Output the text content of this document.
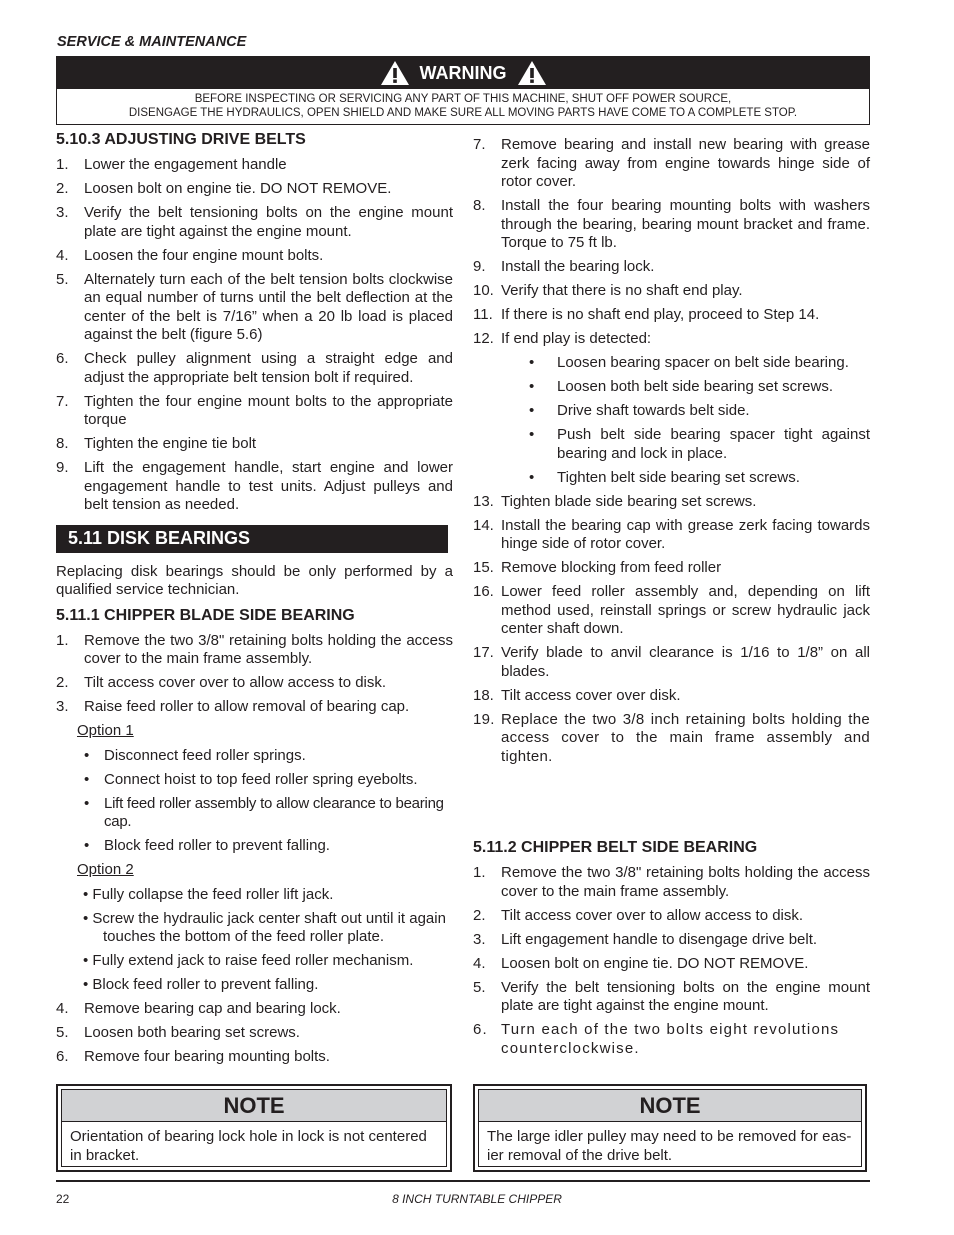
SERVICE & MAINTENANCE
WARNING
BEFORE INSPECTING OR SERVICING ANY PART OF THIS MACHINE, SHUT OFF POWER SOURCE,
DISENGAGE THE HYDRAULICS, OPEN SHIELD AND MAKE SURE ALL MOVING PARTS HAVE COME TO A COMPLETE STOP.
5.10.3 ADJUSTING DRIVE BELTS
1. Lower the engagement handle
2. Loosen bolt on engine tie. DO NOT REMOVE.
3. Verify the belt tensioning bolts on the engine mount plate are tight against the engine mount.
4. Loosen the four engine mount bolts.
5. Alternately turn each of the belt tension bolts clockwise an equal number of turns until the belt deflection at the center of the belt is 7/16” when a 20 lb load is placed against the belt (figure 5.6)
6. Check pulley alignment using a straight edge and adjust the appropriate belt tension bolt if required.
7. Tighten the four engine mount bolts to the appropriate torque
8. Tighten the engine tie bolt
9. Lift the engagement handle, start engine and lower engagement handle to test units. Adjust pulleys and belt tension as needed.
5.11 DISK BEARINGS

Replacing disk bearings should be only performed by a qualified service technician.

5.11.1 CHIPPER BLADE SIDE BEARING
1. Remove the two 3/8" retaining bolts holding the access cover to the main frame assembly.
2. Tilt access cover over to allow access to disk.
3. Raise feed roller to allow removal of bearing cap.
Option 1
• Disconnect feed roller springs.
• Connect hoist to top feed roller spring eyebolts.
• Lift feed roller assembly to allow clearance to bearing cap.
• Block feed roller to prevent falling.
Option 2
• Fully collapse the feed roller lift jack.
• Screw the hydraulic jack center shaft out until it again touches the bottom of the feed roller plate.
• Fully extend jack to raise feed roller mechanism.
• Block feed roller to prevent falling.
4. Remove bearing cap and bearing lock.
5. Loosen both bearing set screws.
6. Remove four bearing mounting bolts.
7. Remove bearing and install new bearing with grease zerk facing away from engine towards hinge side of rotor cover.
8. Install the four bearing mounting bolts with washers through the bearing, bearing mount bracket and frame. Torque to 75 ft lb.
9. Install the bearing lock.
10. Verify that there is no shaft end play.
11. If there is no shaft end play, proceed to Step 14.
12. If end play is detected:
• Loosen bearing spacer on belt side bearing.
• Loosen both belt side bearing set screws.
• Drive shaft towards belt side.
• Push belt side bearing spacer tight against bearing and lock in place.
• Tighten belt side bearing set screws.
13. Tighten blade side bearing set screws.
14. Install the bearing cap with grease zerk facing towards hinge side of rotor cover.
15. Remove blocking from feed roller
16. Lower feed roller assembly and, depending on lift method used, reinstall springs or screw hydraulic jack center shaft down.
17. Verify blade to anvil clearance is 1/16 to 1/8” on all blades.
18. Tilt access cover over disk.
19. Replace the two 3/8 inch retaining bolts holding the access cover to the main frame assembly and tighten.
5.11.2 CHIPPER BELT SIDE BEARING
1. Remove the two 3/8" retaining bolts holding the access cover to the main frame assembly.
2. Tilt access cover over to allow access to disk.
3. Lift engagement handle to disengage drive belt.
4. Loosen bolt on engine tie. DO NOT REMOVE.
5. Verify the belt tensioning bolts on the engine mount plate are tight against the engine mount.
6. Turn each of the two bolts eight revolutions counterclockwise.
NOTE
Orientation of bearing lock hole in lock is not centered in bracket.
NOTE
The large idler pulley may need to be removed for eas-ier removal of the drive belt.
22	8 INCH TURNTABLE CHIPPER
